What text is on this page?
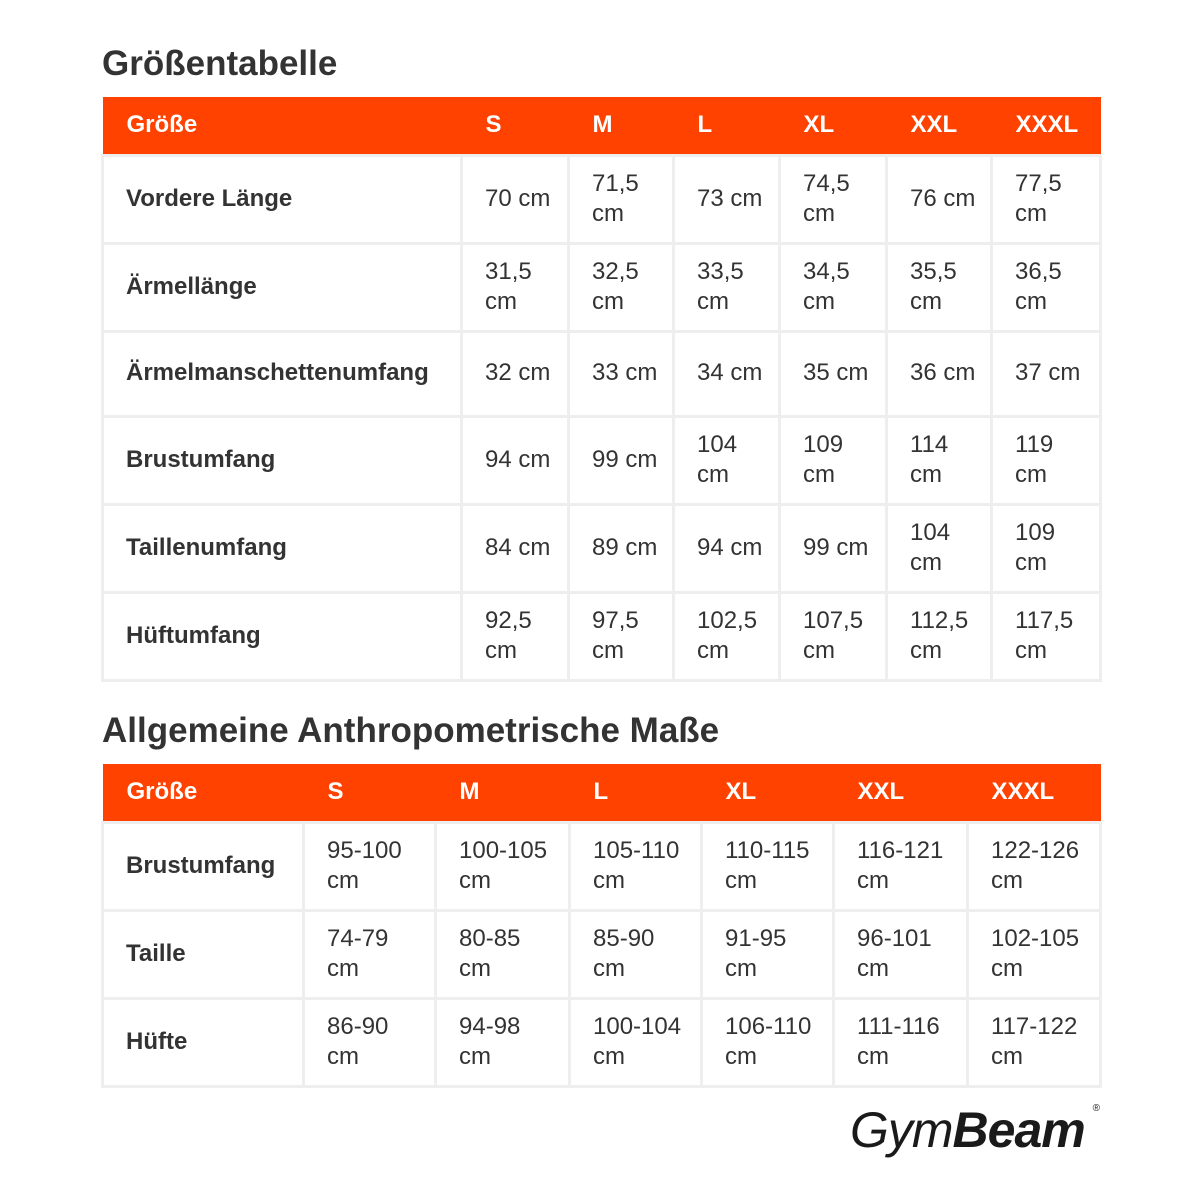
Größentabelle
Größe	S	M	L	XL	XXL	XXXL
Vordere Länge	70 cm	71,5 cm	73 cm	74,5 cm	76 cm	77,5 cm

Ärmellänge	31,5 cm	32,5 cm	33,5 cm	34,5 cm	35,5 cm	36,5 cm

Ärmelmanschettenumfang	32 cm	33 cm	34 cm	35 cm	36 cm	37 cm

Brustumfang	94 cm	99 cm	104 cm	109 cm	114 cm	119 cm

Taillenumfang	84 cm	89 cm	94 cm	99 cm	104 cm	109 cm

Hüftumfang	92,5 cm	97,5 cm	102,5 cm	107,5 cm	112,5 cm	117,5 cm
Allgemeine Anthropometrische Maße
Größe	S	M	L	XL	XXL	XXXL
Brustumfang	95-100 cm	100-105 cm	105-110 cm	110-115 cm	116-121 cm	122-126 cm

Taille	74-79 cm	80-85 cm	85-90 cm	91-95 cm	96-101 cm	102-105 cm

Hüfte	86-90 cm	94-98 cm	100-104 cm	106-110 cm	111-116 cm	117-122 cm
GymBeam ®
